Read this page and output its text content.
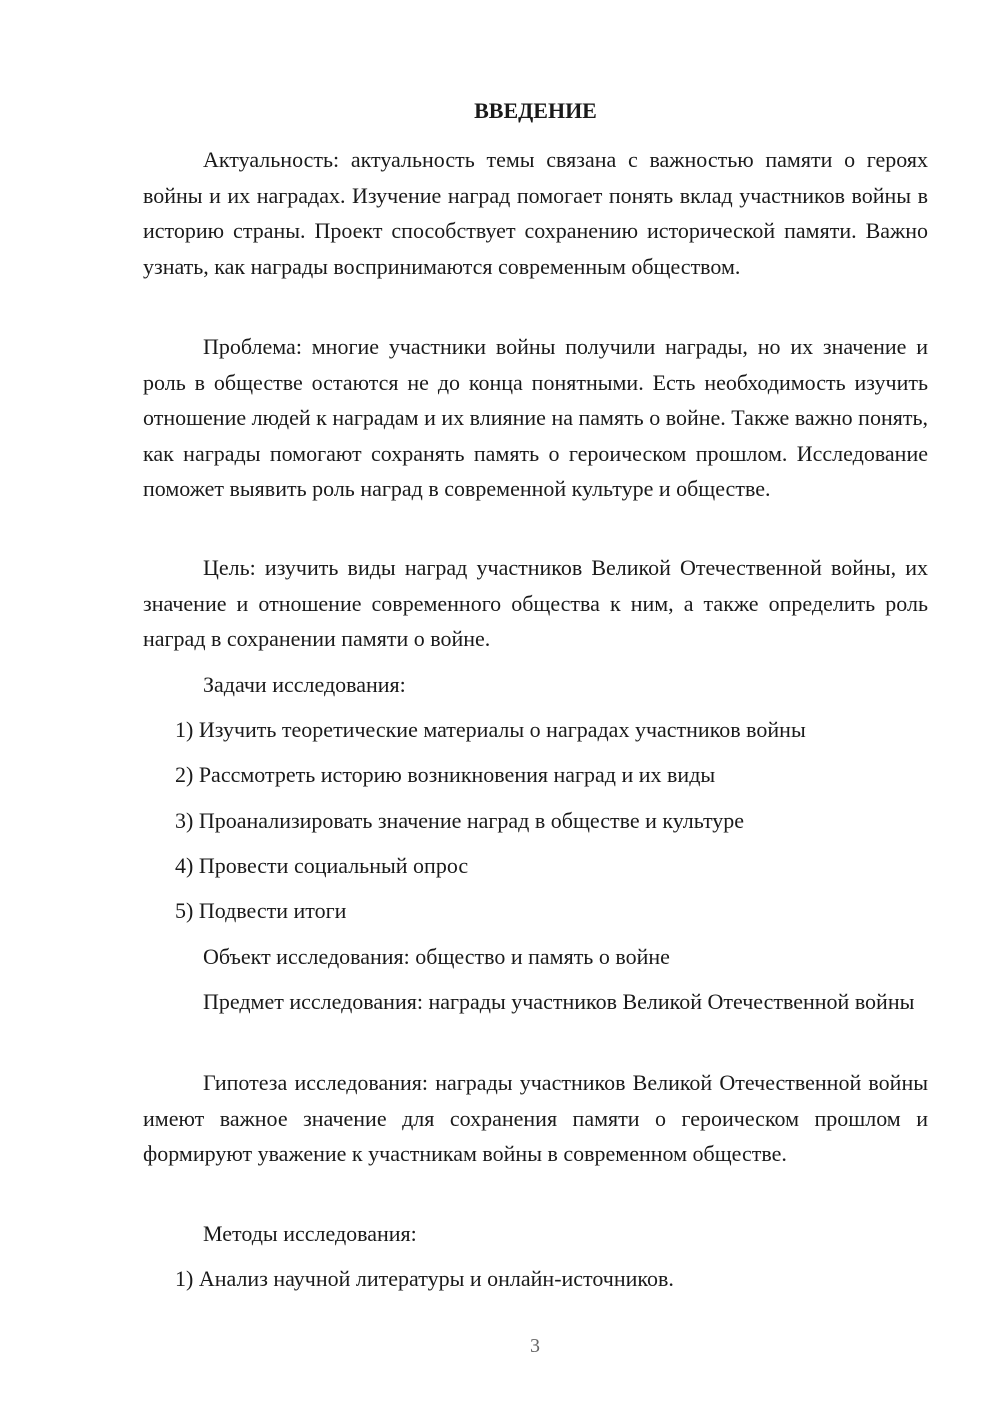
ВВЕДЕНИЕ

Актуальность: актуальность темы связана с важностью памяти о героях войны и их наградах. Изучение наград помогает понять вклад участников войны в историю страны. Проект способствует сохранению исторической памяти. Важно узнать, как награды воспринимаются современным обществом.

Проблема: многие участники войны получили награды, но их значение и роль в обществе остаются не до конца понятными. Есть необходимость изучить отношение людей к наградам и их влияние на память о войне. Также важно понять, как награды помогают сохранять память о героическом прошлом. Исследование поможет выявить роль наград в современной культуре и обществе.

Цель: изучить виды наград участников Великой Отечественной войны, их значение и отношение современного общества к ним, а также определить роль наград в сохранении памяти о войне.

Задачи исследования:

1) Изучить теоретические материалы о наградах участников войны

2) Рассмотреть историю возникновения наград и их виды

3) Проанализировать значение наград в обществе и культуре

4) Провести социальный опрос

5) Подвести итоги

Объект исследования: общество и память о войне

Предмет исследования: награды участников Великой Отечественной войны

Гипотеза исследования: награды участников Великой Отечественной войны имеют важное значение для сохранения памяти о героическом прошлом и формируют уважение к участникам войны в современном обществе.

Методы исследования:

1) Анализ научной литературы и онлайн-источников.

3
